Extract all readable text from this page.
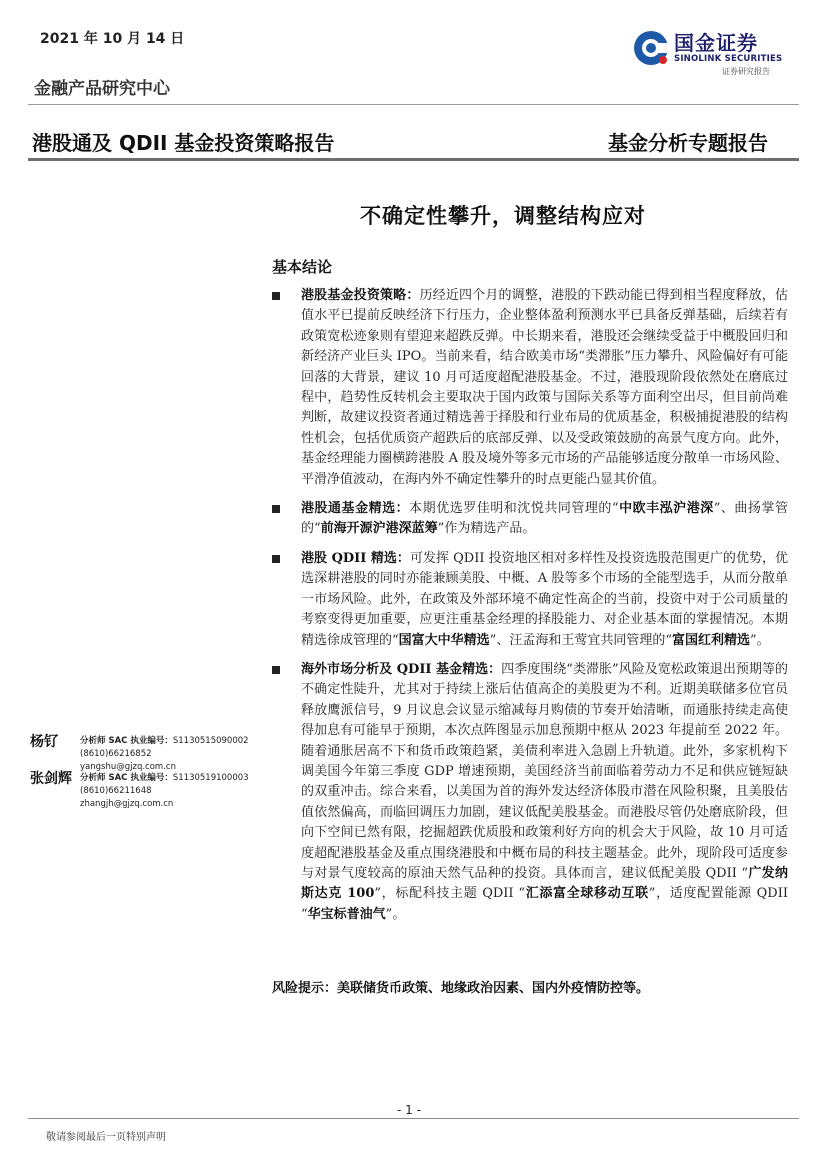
2021 年 10 月 14 日
金融产品研究中心
国金证券
SINOLINK SECURITIES
证券研究报告
港股通及 QDII 基金投资策略报告	基金分析专题报告
不确定性攀升，调整结构应对
基本结论
港股基金投资策略：历经近四个月的调整，港股的下跌动能已得到相当程度释放，估值水平已提前反映经济下行压力，企业整体盈利预测水平已具备反弹基础，后续若有政策宽松迹象则有望迎来超跌反弹。中长期来看，港股还会继续受益于中概股回归和新经济产业巨头 IPO。当前来看，结合欧美市场“类滞胀”压力攀升、风险偏好有可能回落的大背景，建议 10 月可适度超配港股基金。不过，港股现阶段依然处在磨底过程中，趋势性反转机会主要取决于国内政策与国际关系等方面利空出尽，但目前尚难判断，故建议投资者通过精选善于择股和行业布局的优质基金，积极捕捉港股的结构性机会，包括优质资产超跌后的底部反弹、以及受政策鼓励的高景气度方向。此外，基金经理能力圈横跨港股 A 股及境外等多元市场的产品能够适度分散单一市场风险、平滑净值波动，在海内外不确定性攀升的时点更能凸显其价值。
港股通基金精选：本期优选罗佳明和沈悦共同管理的“中欧丰泓沪港深”、曲扬掌管的“前海开源沪港深蓝筹”作为精选产品。
港股 QDII 精选：可发挥 QDII 投资地区相对多样性及投资选股范围更广的优势，优选深耕港股的同时亦能兼顾美股、中概、A 股等多个市场的全能型选手，从而分散单一市场风险。此外，在政策及外部环境不确定性高企的当前，投资中对于公司质量的考察变得更加重要，应更注重基金经理的择股能力、对企业基本面的掌握情况。本期精选徐成管理的“国富大中华精选”、汪孟海和王莺宜共同管理的“富国红利精选”。
海外市场分析及 QDII 基金精选：四季度围绕“类滞胀”风险及宽松政策退出预期等的不确定性陡升，尤其对于持续上涨后估值高企的美股更为不利。近期美联储多位官员释放鹰派信号，9 月议息会议显示缩减每月购债的节奏开始清晰，而通胀持续走高使得加息有可能早于预期，本次点阵图显示加息预期中枢从 2023 年提前至 2022 年。随着通胀居高不下和货币政策趋紧，美债利率进入急剧上升轨道。此外，多家机构下调美国今年第三季度 GDP 增速预期，美国经济当前面临着劳动力不足和供应链短缺的双重冲击。综合来看，以美国为首的海外发达经济体股市潜在风险积聚，且美股估值依然偏高，而临回调压力加剧，建议低配美股基金。而港股尽管仍处磨底阶段，但向下空间已然有限，挖掘超跌优质股和政策利好方向的机会大于风险，故 10 月可适度超配港股基金及重点围绕港股和中概布局的科技主题基金。此外，现阶段可适度参与对景气度较高的原油天然气品种的投资。具体而言，建议低配美股 QDII “广发纳斯达克 100”，标配科技主题 QDII “汇添富全球移动互联”，适度配置能源 QDII “华宝标普油气”。
杨钌	分析师 SAC 执业编号：S1130515090002
(8610)66216852
yangshu@gjzq.com.cn
张剑辉 分析师 SAC 执业编号：S1130519100003
(8610)66211648
zhangjh@gjzq.com.cn
风险提示：美联储货币政策、地缘政治因素、国内外疫情防控等。
- 1 -
敬请参阅最后一页特别声明
